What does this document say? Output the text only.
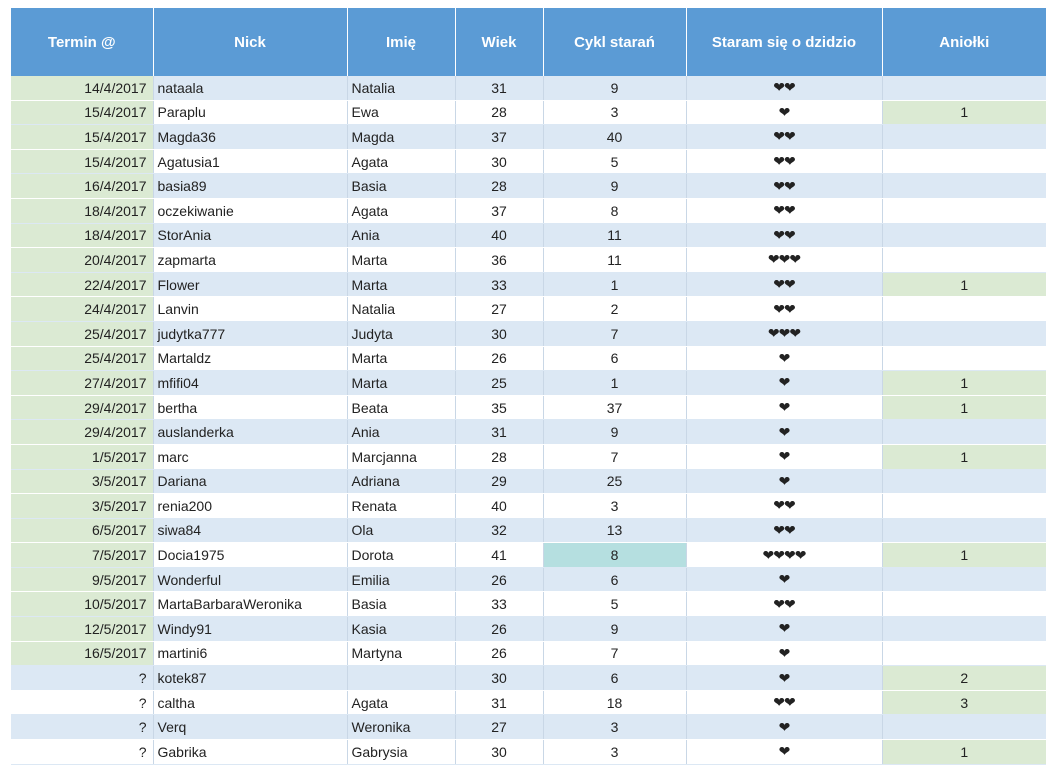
Termin @	Nick	Imię	Wiek	Cykl starań	Staram się o dzidzio	Aniołki
14/4/2017	nataala	Natalia	31	9	❤❤	
15/4/2017	Paraplu	Ewa	28	3	❤	1
15/4/2017	Magda36	Magda	37	40	❤❤	
15/4/2017	Agatusia1	Agata	30	5	❤❤	
16/4/2017	basia89	Basia	28	9	❤❤	
18/4/2017	oczekiwanie	Agata	37	8	❤❤	
18/4/2017	StorAnia	Ania	40	11	❤❤	
20/4/2017	zapmarta	Marta	36	11	❤❤❤	
22/4/2017	Flower	Marta	33	1	❤❤	1
24/4/2017	Lanvin	Natalia	27	2	❤❤	
25/4/2017	judytka777	Judyta	30	7	❤❤❤	
25/4/2017	Martaldz	Marta	26	6	❤	
27/4/2017	mfifi04	Marta	25	1	❤	1
29/4/2017	bertha	Beata	35	37	❤	1
29/4/2017	auslanderka	Ania	31	9	❤	
1/5/2017	marc	Marcjanna	28	7	❤	1
3/5/2017	Dariana	Adriana	29	25	❤	
3/5/2017	renia200	Renata	40	3	❤❤	
6/5/2017	siwa84	Ola	32	13	❤❤	
7/5/2017	Docia1975	Dorota	41	8	❤❤❤❤	1
9/5/2017	Wonderful	Emilia	26	6	❤	
10/5/2017	MartaBarbaraWeronika	Basia	33	5	❤❤	
12/5/2017	Windy91	Kasia	26	9	❤	
16/5/2017	martini6	Martyna	26	7	❤	
?	kotek87		30	6	❤	2
?	caltha	Agata	31	18	❤❤	3
?	Verq	Weronika	27	3	❤	
?	Gabrika	Gabrysia	30	3	❤	1
